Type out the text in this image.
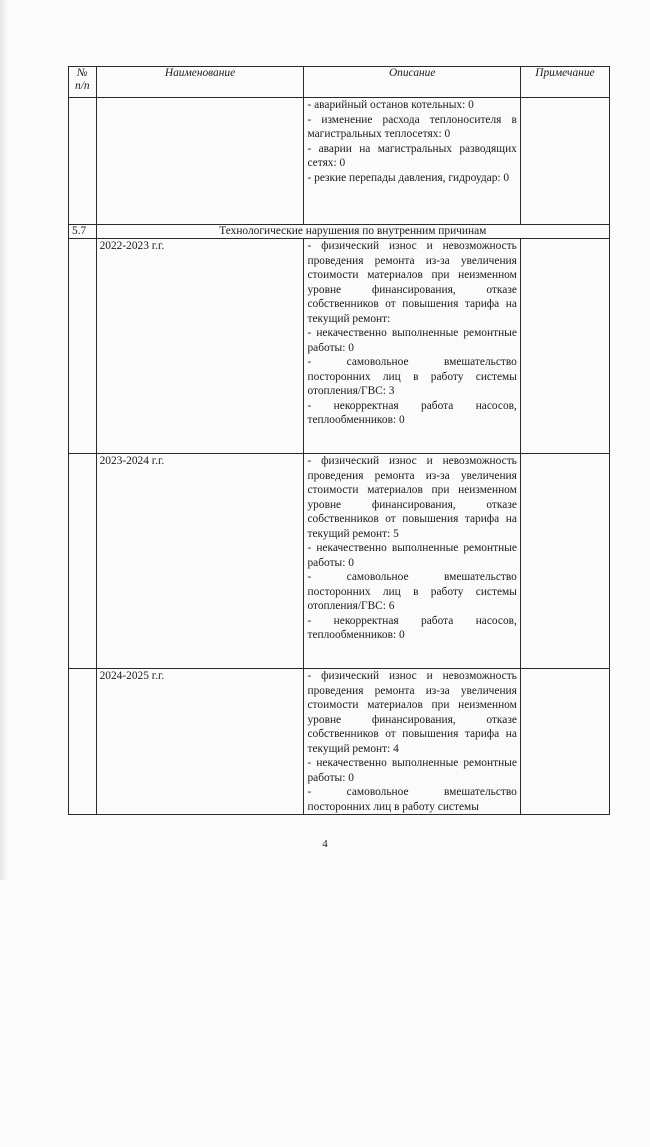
№ п/п	Наименование	Описание	Примечание

		- аварийный останов котельных: 0

- изменение расхода теплоносителя в магистральных теплосетях: 0

- аварии на магистральных разводящих сетях: 0

- резкие перепады давления, гидроудар: 0	

5.7	Технологические нарушения по внутренним причинам		
	2022-2023 г.г.	- физический износ и невозможность проведения ремонта из-за увеличения стоимости материалов при неизменном уровне финансирования, отказе собственников от повышения тарифа на текущий ремонт:

- некачественно выполненные ремонтные работы: 0

- самовольное вмешательство посторонних лиц в работу системы отопления/ГВС: 3

- некорректная работа насосов, теплообменников: 0	

	2023-2024 г.г.	- физический износ и невозможность проведения ремонта из-за увеличения стоимости материалов при неизменном уровне финансирования, отказе собственников от повышения тарифа на текущий ремонт: 5

- некачественно выполненные ремонтные работы: 0

- самовольное вмешательство посторонних лиц в работу системы отопления/ГВС: 6

- некорректная работа насосов, теплообменников: 0	

	2024-2025 г.г.	- физический износ и невозможность проведения ремонта из-за увеличения стоимости материалов при неизменном уровне финансирования, отказе собственников от повышения тарифа на текущий ремонт: 4

- некачественно выполненные ремонтные работы: 0

- самовольное вмешательство посторонних лиц в работу системы	

4
